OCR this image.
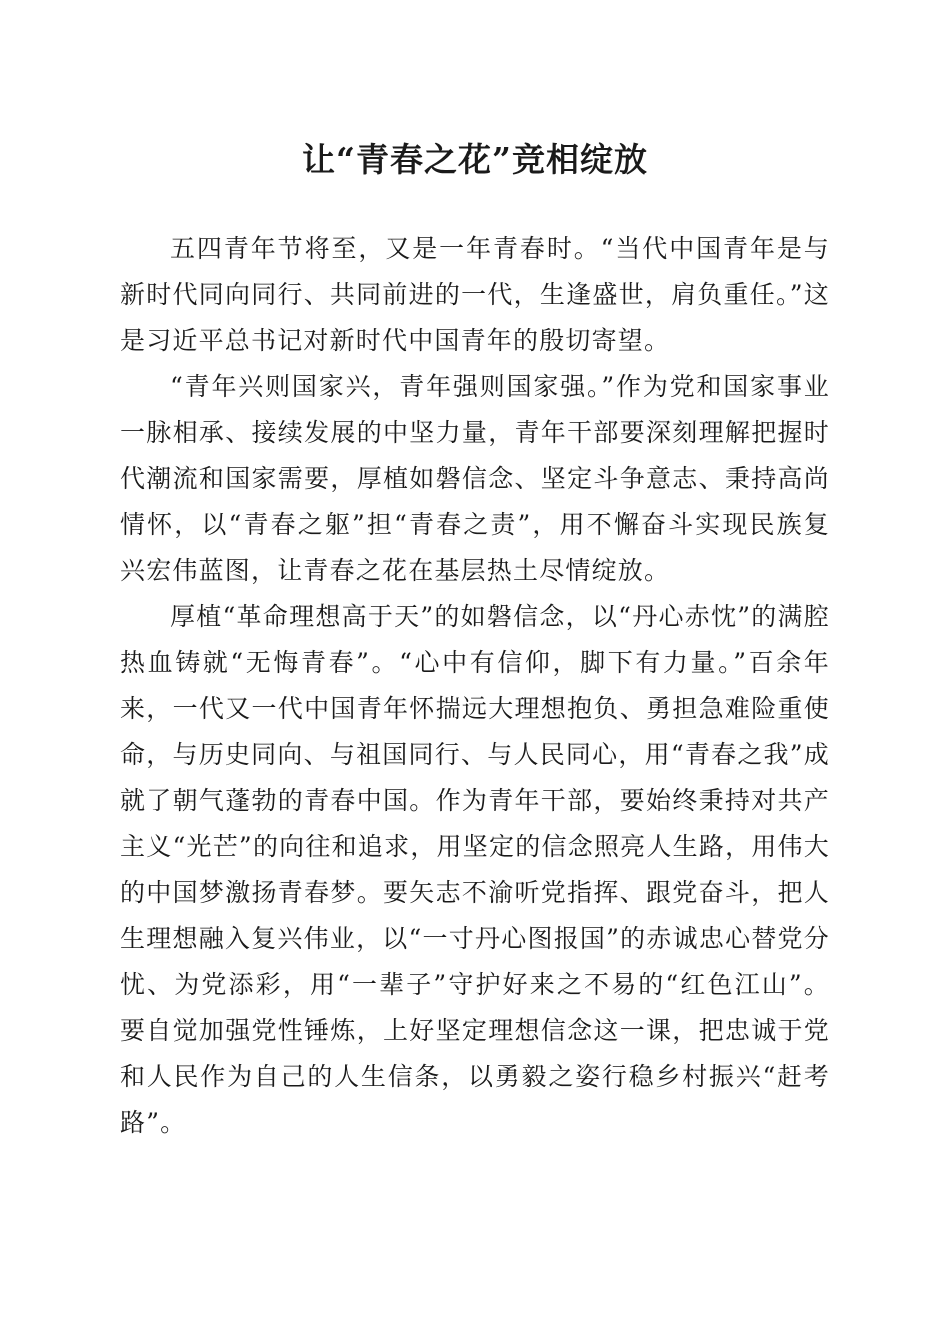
让“青春之花”竞相绽放

五四青年节将至，又是一年青春时。“当代中国青年是与新时代同向同行、共同前进的一代，生逢盛世，肩负重任。”这是习近平总书记对新时代中国青年的殷切寄望。

“青年兴则国家兴，青年强则国家强。”作为党和国家事业一脉相承、接续发展的中坚力量，青年干部要深刻理解把握时代潮流和国家需要，厚植如磐信念、坚定斗争意志、秉持高尚情怀，以“青春之躯”担“青春之责”，用不懈奋斗实现民族复兴宏伟蓝图，让青春之花在基层热土尽情绽放。

厚植“革命理想高于天”的如磐信念，以“丹心赤忱”的满腔热血铸就“无悔青春”。“心中有信仰，脚下有力量。”百余年来，一代又一代中国青年怀揣远大理想抱负、勇担急难险重使命，与历史同向、与祖国同行、与人民同心，用“青春之我”成就了朝气蓬勃的青春中国。作为青年干部，要始终秉持对共产主义“光芒”的向往和追求，用坚定的信念照亮人生路，用伟大的中国梦激扬青春梦。要矢志不渝听党指挥、跟党奋斗，把人生理想融入复兴伟业，以“一寸丹心图报国”的赤诚忠心替党分忧、为党添彩，用“一辈子”守护好来之不易的“红色江山”。要自觉加强党性锤炼，上好坚定理想信念这一课，把忠诚于党和人民作为自己的人生信条，以勇毅之姿行稳乡村振兴“赶考路”。
